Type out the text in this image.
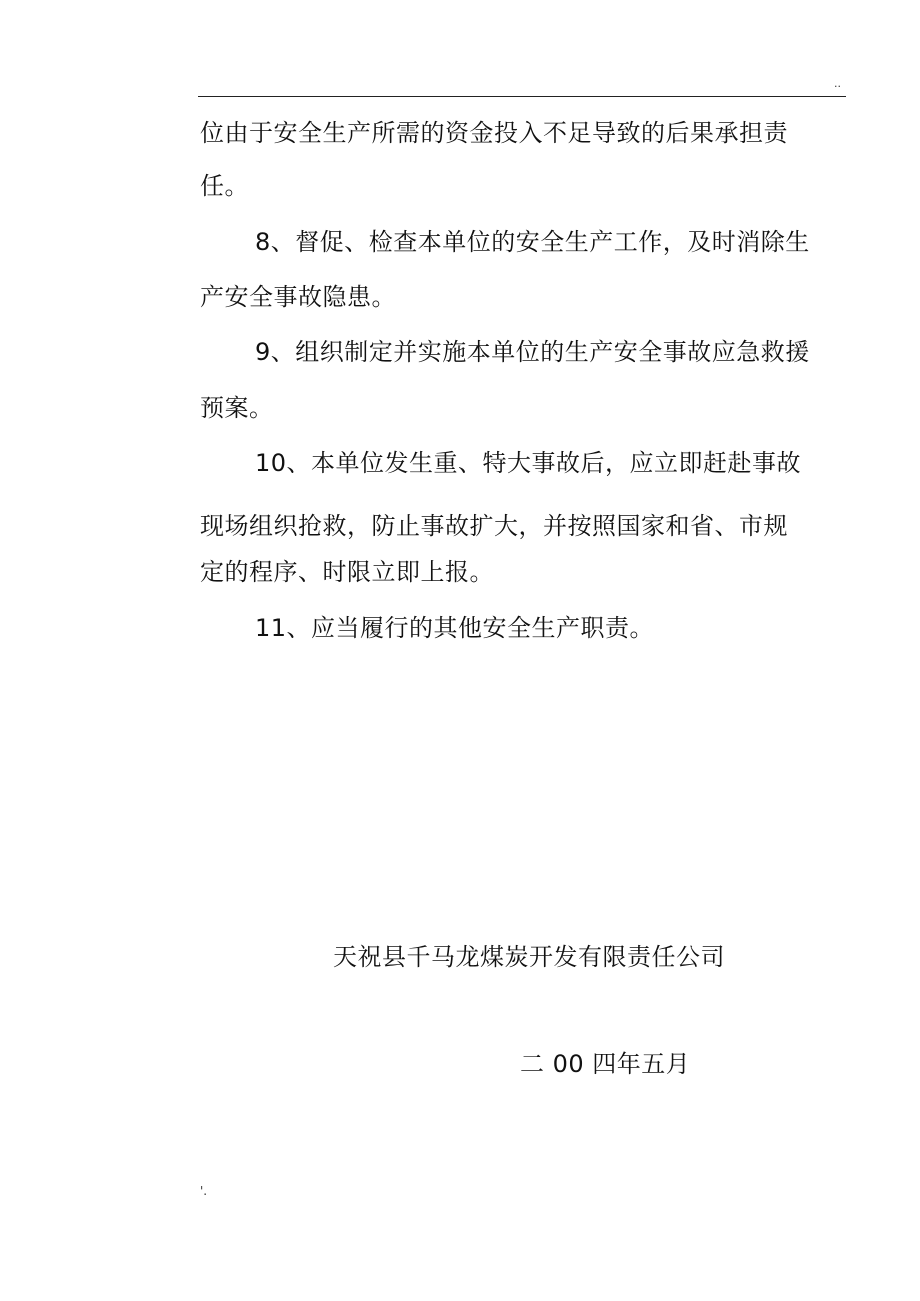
..
位由于安全生产所需的资金投入不足导致的后果承担责
任。
8、督促、检查本单位的安全生产工作，及时消除生
产安全事故隐患。
9、组织制定并实施本单位的生产安全事故应急救援
预案。
10、本单位发生重、特大事故后，应立即赶赴事故
现场组织抢救，防止事故扩大，并按照国家和省、市规
定的程序、时限立即上报。
11、应当履行的其他安全生产职责。
天祝县千马龙煤炭开发有限责任公司
二 00 四年五月
'.
